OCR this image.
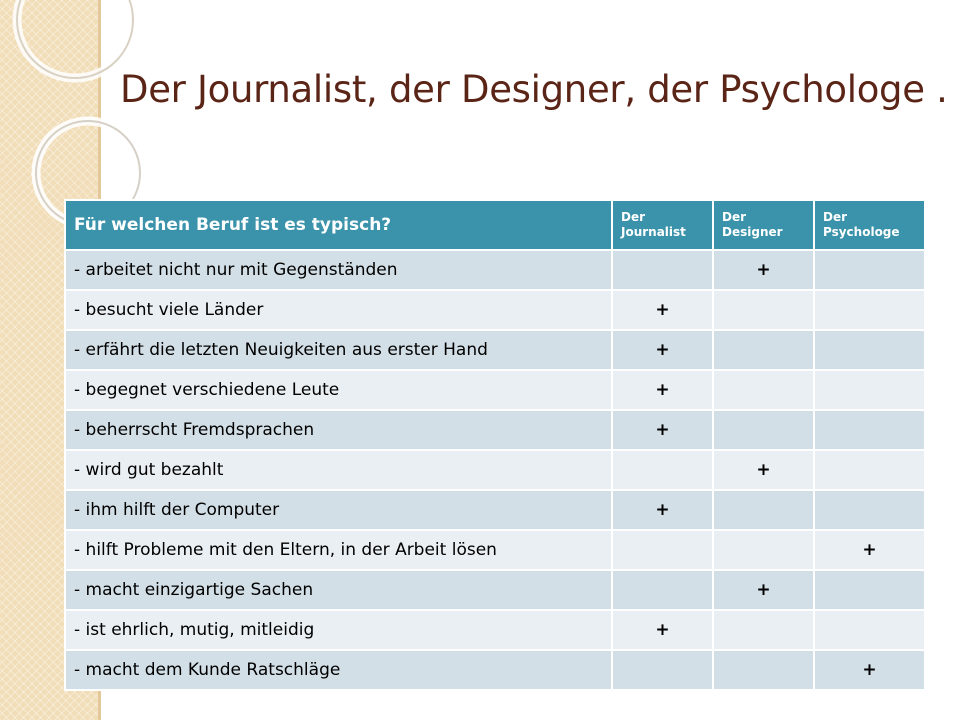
Der Journalist, der Designer, der Psychologe .
Für welchen Beruf ist es typisch?	Der Journalist	Der Designer	Der Psychologe
- arbeitet nicht nur mit Gegenständen		+	
- besucht viele Länder	+		
- erfährt die letzten Neuigkeiten aus erster Hand	+		
- begegnet verschiedene Leute	+		
- beherrscht Fremdsprachen	+		
- wird gut bezahlt		+	
- ihm hilft der Computer	+		
- hilft Probleme mit den Eltern, in der Arbeit lösen			+
- macht einzigartige Sachen		+	
- ist ehrlich, mutig, mitleidig	+		
- macht dem Kunde Ratschläge			+
